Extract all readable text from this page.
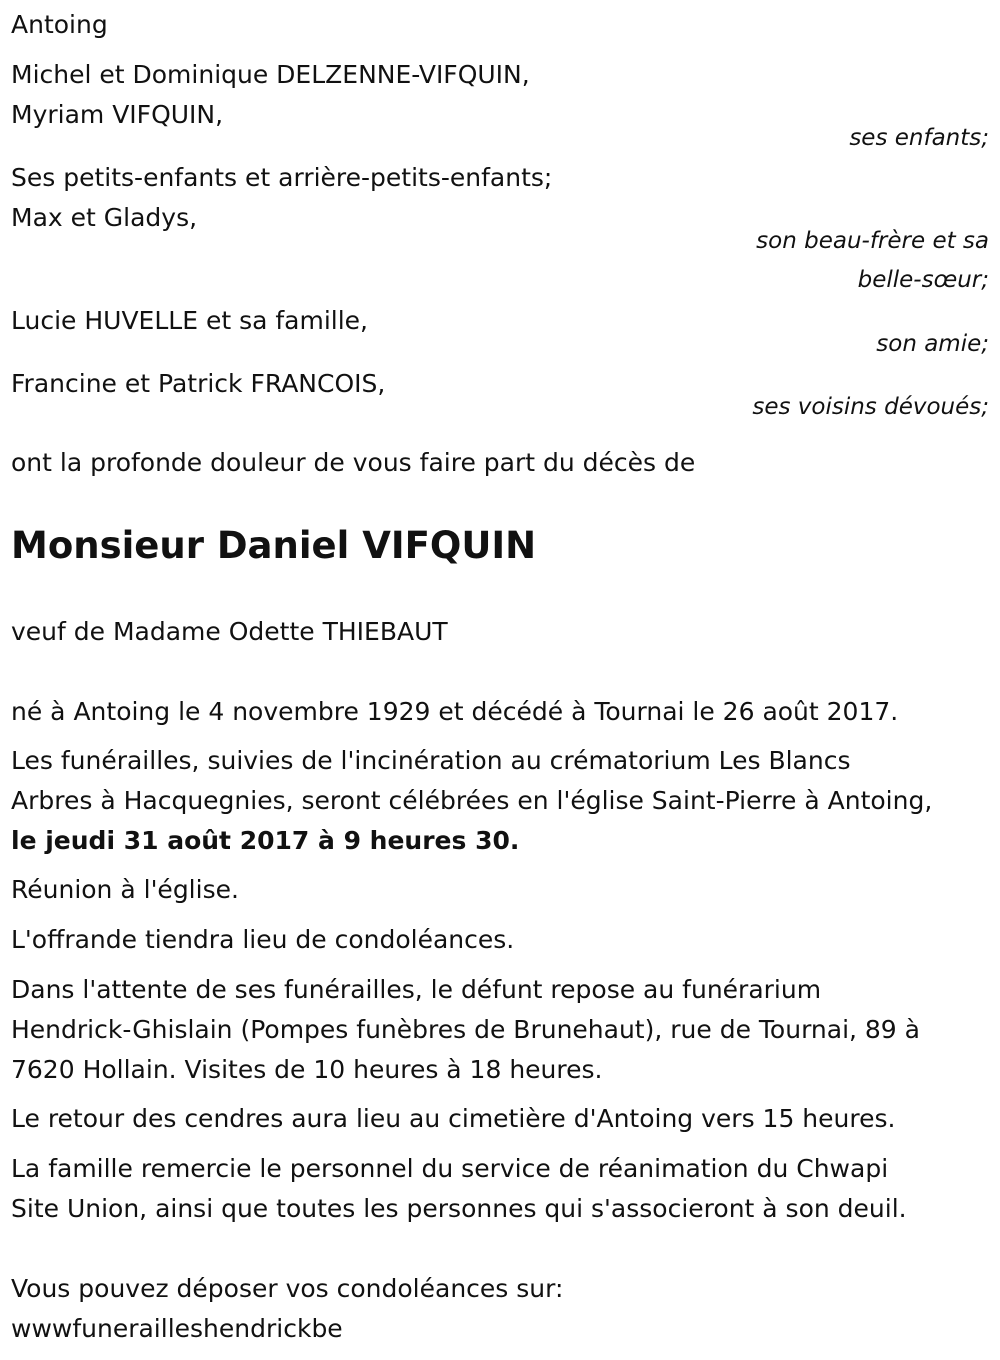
Antoing
Michel et Dominique DELZENNE-VIFQUIN,
Myriam VIFQUIN,
ses enfants;
Ses petits-enfants et arrière-petits-enfants;
Max et Gladys,
son beau-frère et sa
belle-sœur;
Lucie HUVELLE et sa famille,
son amie;
Francine et Patrick FRANCOIS,
ses voisins dévoués;
ont la profonde douleur de vous faire part du décès de
Monsieur Daniel VIFQUIN
veuf de Madame Odette THIEBAUT
né à Antoing le 4 novembre 1929 et décédé à Tournai le 26 août 2017.
Les funérailles, suivies de l'incinération au crématorium Les Blancs
Arbres à Hacquegnies, seront célébrées en l'église Saint-Pierre à Antoing,
le jeudi 31 août 2017 à 9 heures 30.
Réunion à l'église.
L'offrande tiendra lieu de condoléances.
Dans l'attente de ses funérailles, le défunt repose au funérarium
Hendrick-Ghislain (Pompes funèbres de Brunehaut), rue de Tournai, 89 à
7620 Hollain. Visites de 10 heures à 18 heures.
Le retour des cendres aura lieu au cimetière d'Antoing vers 15 heures.
La famille remercie le personnel du service de réanimation du Chwapi
Site Union, ainsi que toutes les personnes qui s'associeront à son deuil.
Vous pouvez déposer vos condoléances sur:
wwwfunerailleshendrickbe
